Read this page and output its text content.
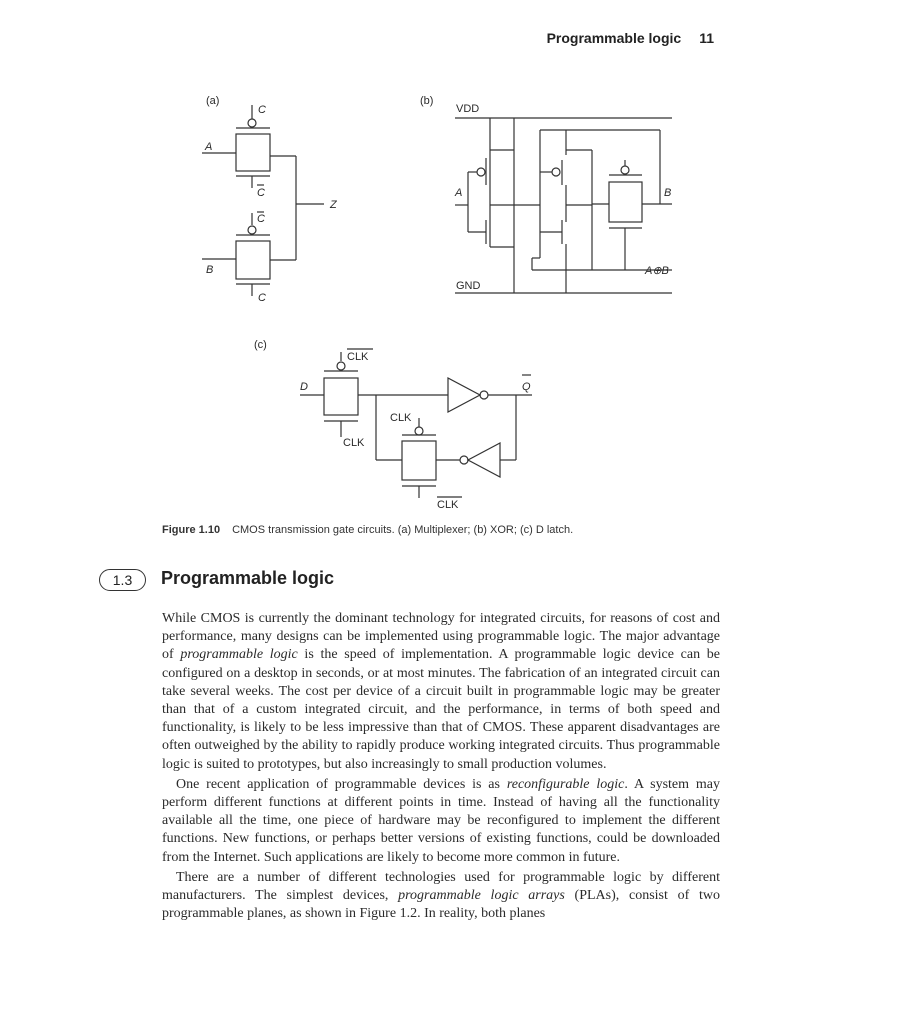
Programmable logic 11
(a)
C
A
C
C
Z
B
C
(b)
VDD
A	B
A⊕B
GND
(c)
CLK
D	Q
CLK
CLK
CLK
Figure 1.10 CMOS transmission gate circuits. (a) Multiplexer; (b) XOR; (c) D latch.
1.3	Programmable logic

While CMOS is currently the dominant technology for integrated circuits, for reasons of cost and performance, many designs can be implemented using programmable logic. The major advantage of programmable logic is the speed of implementation. A programmable logic device can be configured on a desktop in seconds, or at most minutes. The fabrication of an integrated circuit can take several weeks. The cost per device of a circuit built in programmable logic may be greater than that of a custom integrated circuit, and the performance, in terms of both speed and functionality, is likely to be less impressive than that of CMOS. These apparent disadvantages are often outweighed by the ability to rapidly produce working integrated circuits. Thus programmable logic is suited to prototypes, but also increasingly to small production volumes.

One recent application of programmable devices is as reconfigurable logic. A system may perform different functions at different points in time. Instead of having all the functionality available all the time, one piece of hardware may be reconfigured to implement the different functions. New functions, or perhaps better versions of existing functions, could be downloaded from the Internet. Such applications are likely to become more common in future.

There are a number of different technologies used for programmable logic by different manufacturers. The simplest devices, programmable logic arrays (PLAs), consist of two programmable planes, as shown in Figure 1.2. In reality, both planes
